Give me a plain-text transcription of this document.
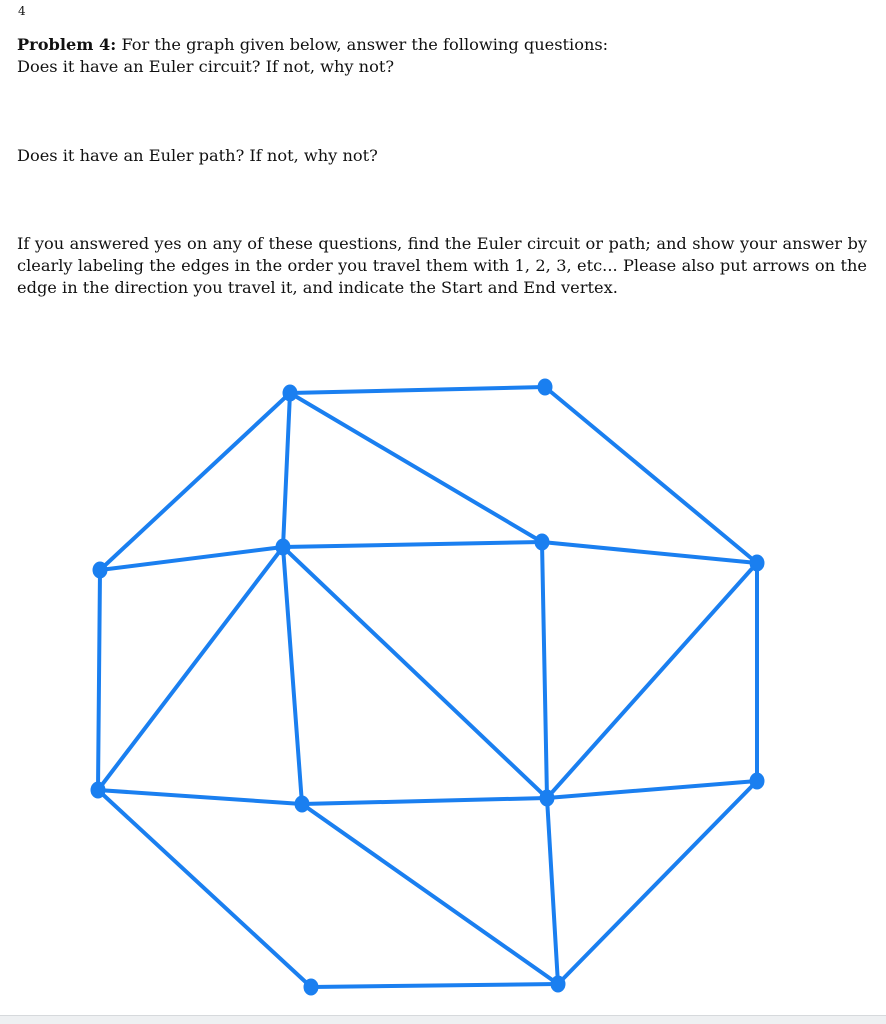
4

Problem 4: For the graph given below, answer the following questions:

Does it have an Euler circuit? If not, why not?

Does it have an Euler path? If not, why not?

If you answered yes on any of these questions, find the Euler circuit or path; and show your answer by clearly labeling the edges in the order you travel them with 1, 2, 3, etc... Please also put arrows on the edge in the direction you travel it, and indicate the Start and End vertex.
